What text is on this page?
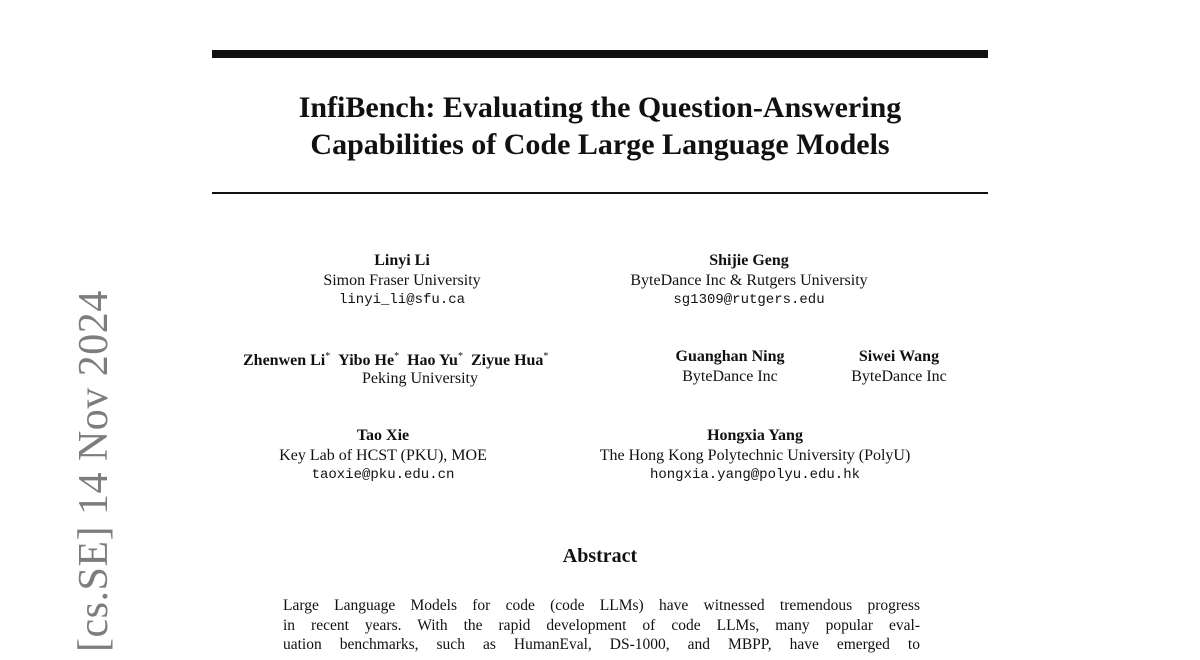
[cs.SE] 14 Nov 2024
InfiBench: Evaluating the Question-Answering
Capabilities of Code Large Language Models
Linyi Li
Simon Fraser University
linyi_li@sfu.ca
Shijie Geng
ByteDance Inc & Rutgers University
sg1309@rutgers.edu
Zhenwen Li* Yibo He* Hao Yu* Ziyue Hua*
Peking University
Guanghan Ning
ByteDance Inc
Siwei Wang
ByteDance Inc
Tao Xie
Key Lab of HCST (PKU), MOE
taoxie@pku.edu.cn
Hongxia Yang
The Hong Kong Polytechnic University (PolyU)
hongxia.yang@polyu.edu.hk
Abstract
Large Language Models for code (code LLMs) have witnessed tremendous progress
in recent years. With the rapid development of code LLMs, many popular eval-
uation benchmarks, such as HumanEval, DS-1000, and MBPP, have emerged to
